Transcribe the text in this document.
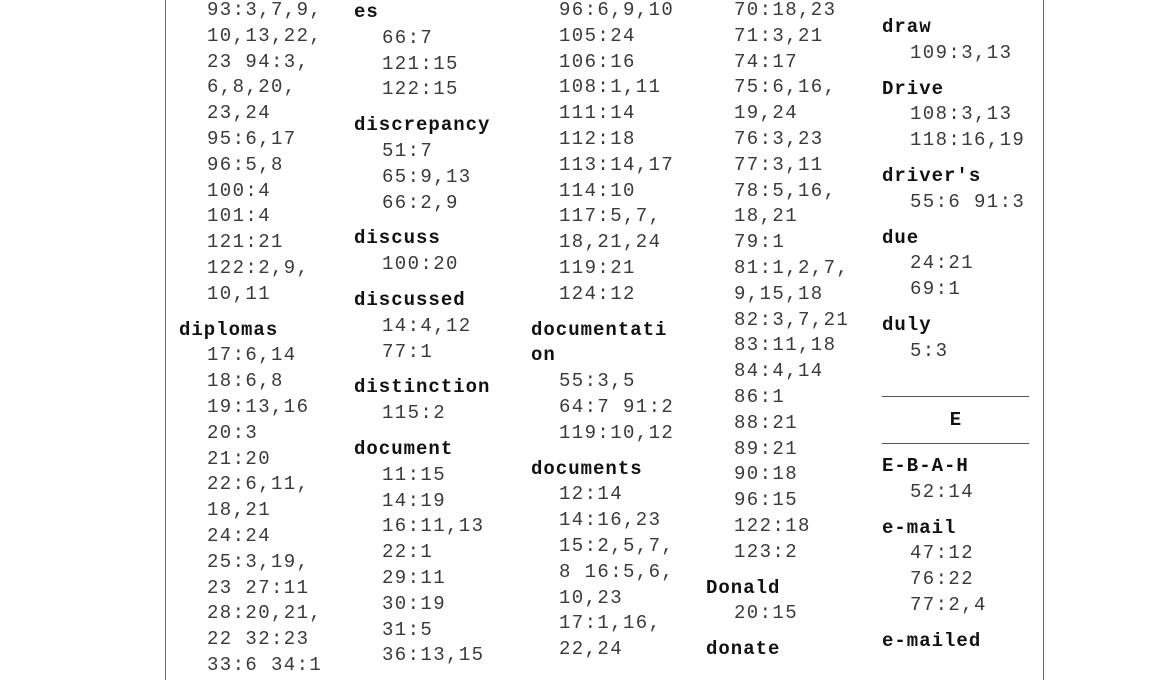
93:3,7,9,
10,13,22,
23 94:3,
6,8,20,
23,24
95:6,17
96:5,8
100:4
101:4
121:21
122:2,9,
10,11
diplomas
17:6,14
18:6,8
19:13,16
20:3
21:20
22:6,11,
18,21
24:24
25:3,19,
23 27:11
28:20,21,
22 32:23
33:6 34:1
es
66:7
121:15
122:15
discrepancy
51:7
65:9,13
66:2,9
discuss
100:20
discussed
14:4,12
77:1
distinction
115:2
document
11:15
14:19
16:11,13
22:1
29:11
30:19
31:5
36:13,15
96:6,9,10
105:24
106:16
108:1,11
111:14
112:18
113:14,17
114:10
117:5,7,
18,21,24
119:21
124:12
documentati
on
55:3,5
64:7 91:2
119:10,12
documents
12:14
14:16,23
15:2,5,7,
8 16:5,6,
10,23
17:1,16,
22,24
70:18,23
71:3,21
74:17
75:6,16,
19,24
76:3,23
77:3,11
78:5,16,
18,21
79:1
81:1,2,7,
9,15,18
82:3,7,21
83:11,18
84:4,14
86:1
88:21
89:21
90:18
96:15
122:18
123:2
Donald
20:15
donate
draw
109:3,13
Drive
108:3,13
118:16,19
driver's
55:6 91:3
due
24:21
69:1
duly
5:3
E
E-B-A-H
52:14
e-mail
47:12
76:22
77:2,4
e-mailed
